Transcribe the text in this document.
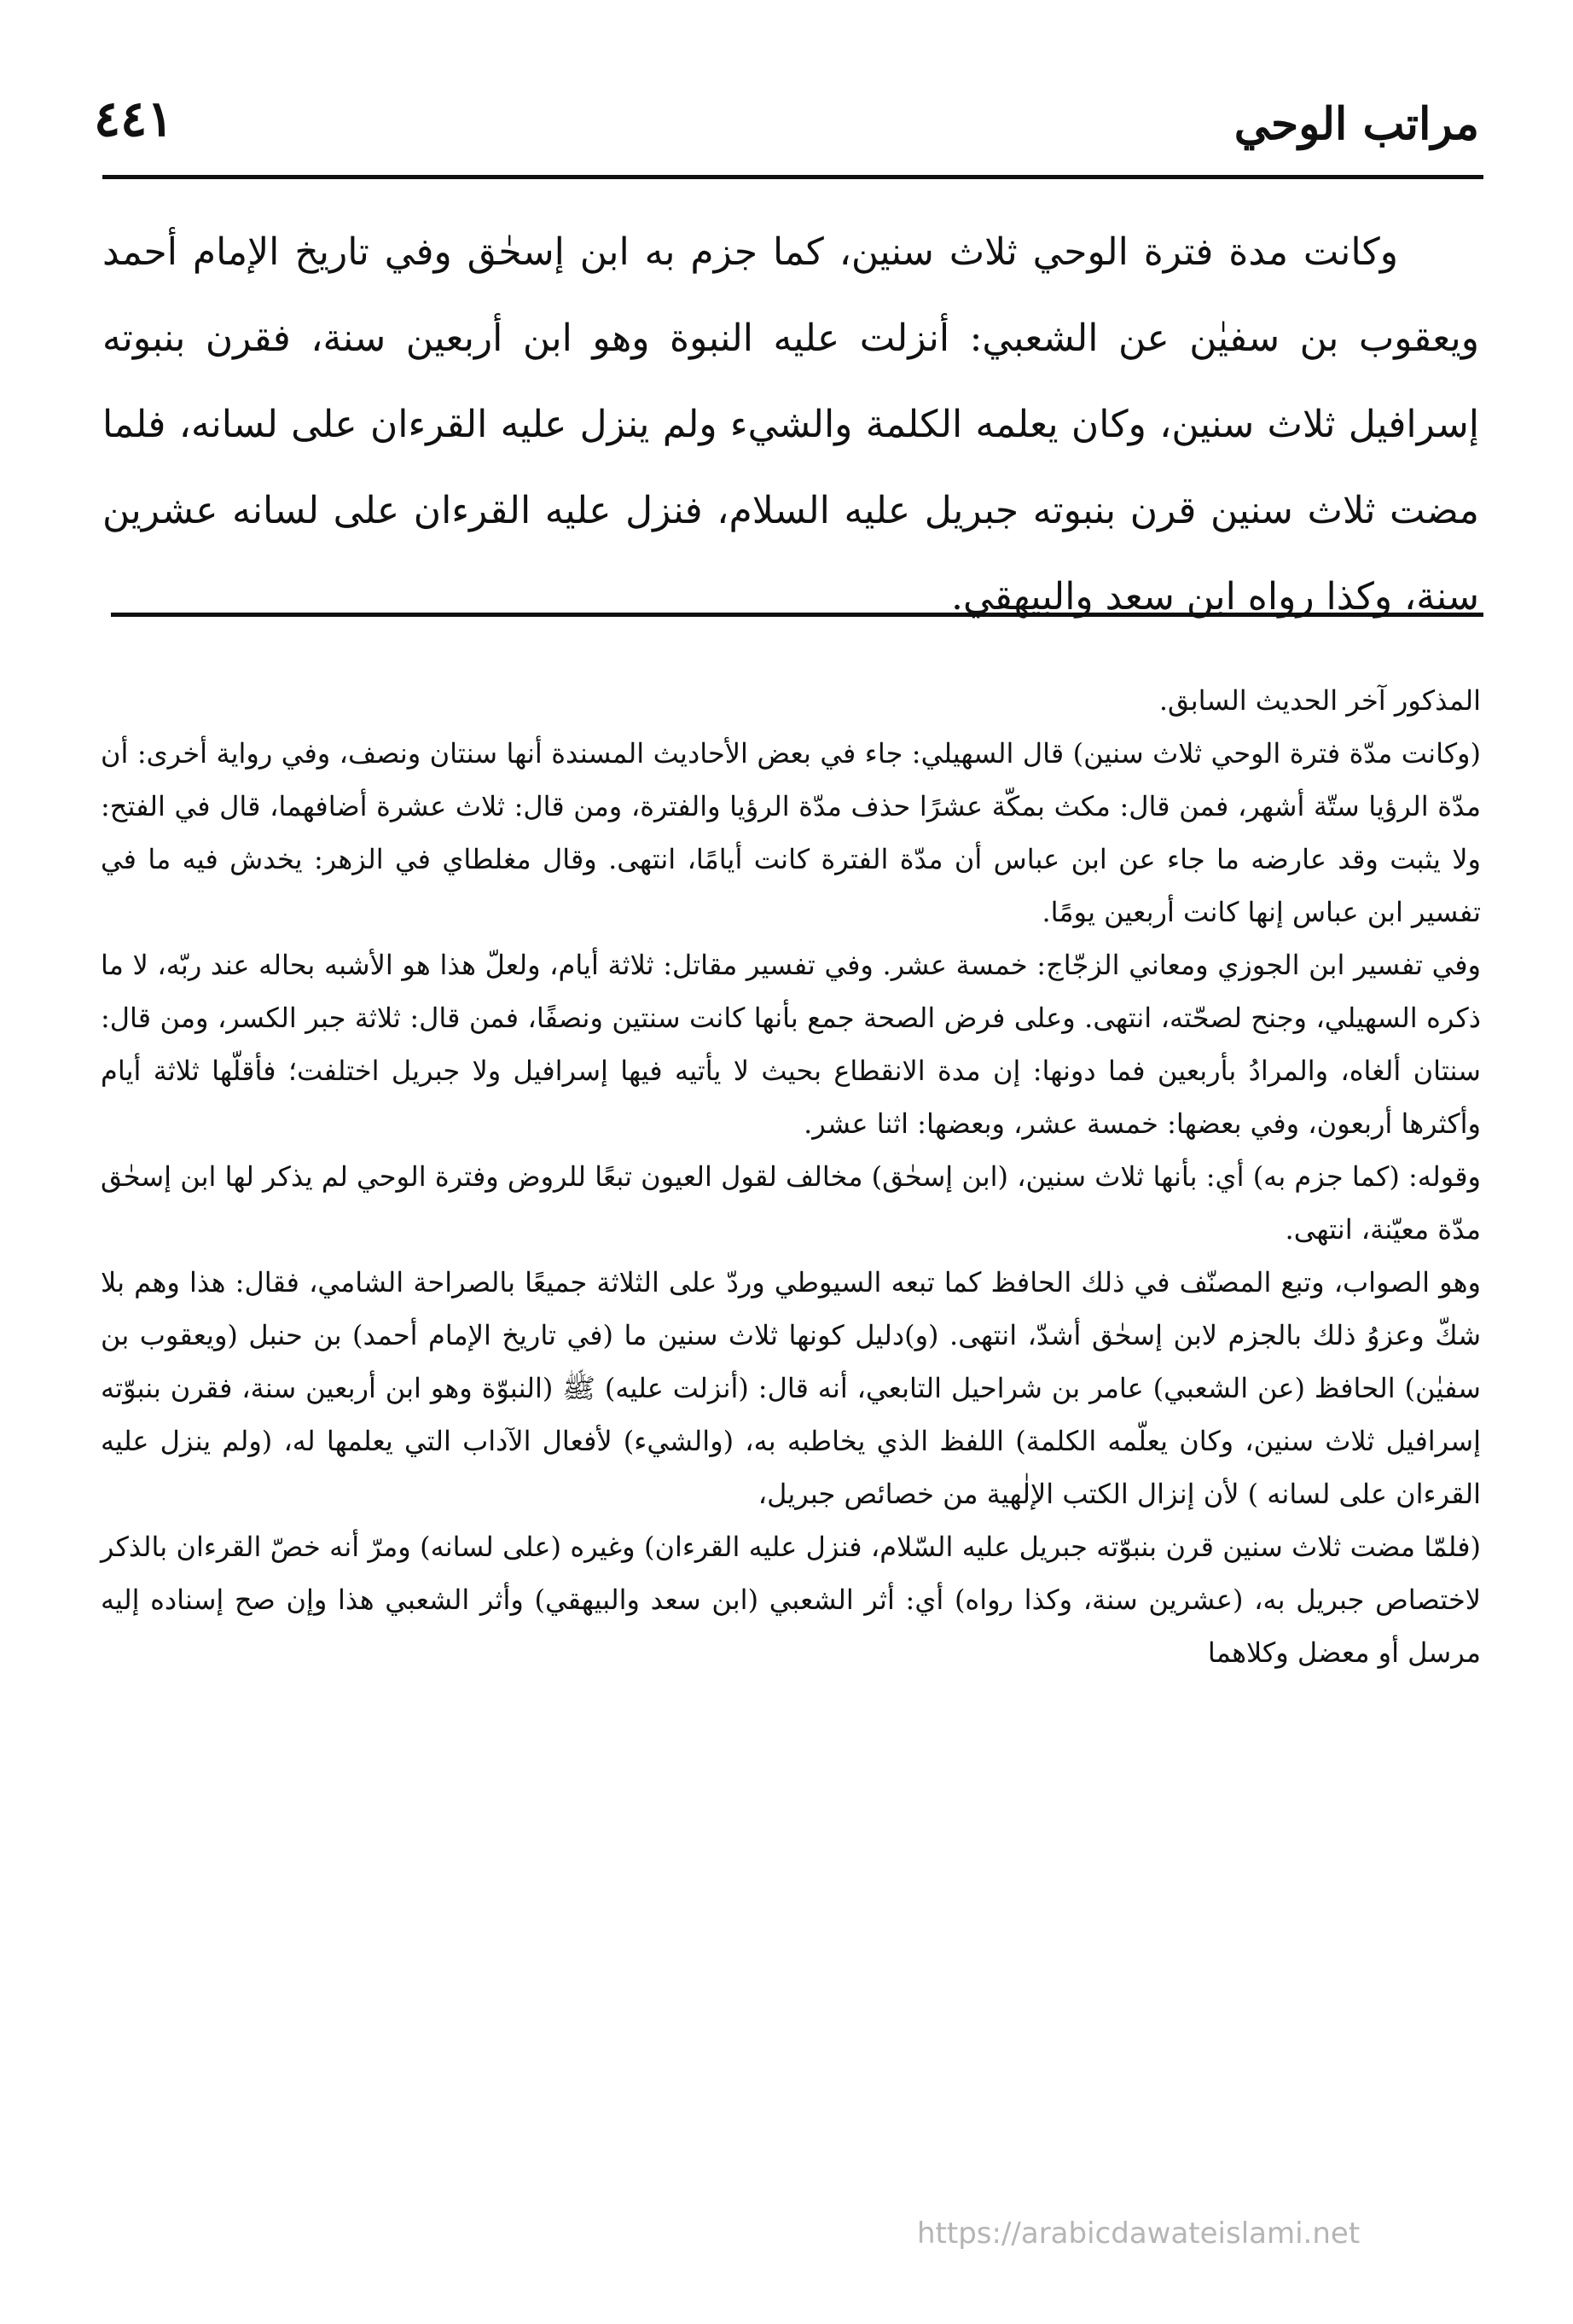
مراتب الوحي
٤٤١

وكانت مدة فترة الوحي ثلاث سنين، كما جزم به ابن إسحٰق وفي تاريخ الإمام أحمد ويعقوب بن سفيٰن عن الشعبي: أنزلت عليه النبوة وهو ابن أربعين سنة، فقرن بنبوته إسرافيل ثلاث سنين، وكان يعلمه الكلمة والشيء ولم ينزل عليه القرءان على لسانه، فلما مضت ثلاث سنين قرن بنبوته جبريل عليه السلام، فنزل عليه القرءان على لسانه عشرين سنة، وكذا رواه ابن سعد والبيهقي.

المذكور آخر الحديث السابق.

(وكانت مدّة فترة الوحي ثلاث سنين) قال السهيلي: جاء في بعض الأحاديث المسندة أنها سنتان ونصف، وفي رواية أخرى: أن مدّة الرؤيا ستّة أشهر، فمن قال: مكث بمكّة عشرًا حذف مدّة الرؤيا والفترة، ومن قال: ثلاث عشرة أضافهما، قال في الفتح: ولا يثبت وقد عارضه ما جاء عن ابن عباس أن مدّة الفترة كانت أيامًا، انتهى. وقال مغلطاي في الزهر: يخدش فيه ما في تفسير ابن عباس إنها كانت أربعين يومًا.

وفي تفسير ابن الجوزي ومعاني الزجّاج: خمسة عشر. وفي تفسير مقاتل: ثلاثة أيام، ولعلّ هذا هو الأشبه بحاله عند ربّه، لا ما ذكره السهيلي، وجنح لصحّته، انتهى. وعلى فرض الصحة جمع بأنها كانت سنتين ونصفًا، فمن قال: ثلاثة جبر الكسر، ومن قال: سنتان ألغاه، والمرادُ بأربعين فما دونها: إن مدة الانقطاع بحيث لا يأتيه فيها إسرافيل ولا جبريل اختلفت؛ فأقلّها ثلاثة أيام وأكثرها أربعون، وفي بعضها: خمسة عشر، وبعضها: اثنا عشر.

وقوله: (كما جزم به) أي: بأنها ثلاث سنين، (ابن إسحٰق) مخالف لقول العيون تبعًا للروض وفترة الوحي لم يذكر لها ابن إسحٰق مدّة معيّنة، انتهى.

وهو الصواب، وتبع المصنّف في ذلك الحافظ كما تبعه السيوطي وردّ على الثلاثة جميعًا بالصراحة الشامي، فقال: هذا وهم بلا شكّ وعزوُ ذلك بالجزم لابن إسحٰق أشدّ، انتهى. (و)دليل كونها ثلاث سنين ما (في تاريخ الإمام أحمد) بن حنبل (ويعقوب بن سفيٰن) الحافظ (عن الشعبي) عامر بن شراحيل التابعي، أنه قال: (أنزلت عليه) ﷺ (النبوّة وهو ابن أربعين سنة، فقرن بنبوّته إسرافيل ثلاث سنين، وكان يعلّمه الكلمة) اللفظ الذي يخاطبه به، (والشيء) لأفعال الآداب التي يعلمها له، (ولم ينزل عليه القرءان على لسانه ) لأن إنزال الكتب الإلٰهية من خصائص جبريل،

(فلمّا مضت ثلاث سنين قرن بنبوّته جبريل عليه السّلام، فنزل عليه القرءان) وغيره (على لسانه) ومرّ أنه خصّ القرءان بالذكر لاختصاص جبريل به، (عشرين سنة، وكذا رواه) أي: أثر الشعبي (ابن سعد والبيهقي) وأثر الشعبي هذا وإن صح إسناده إليه مرسل أو معضل وكلاهما

https://arabicdawateislami.net
